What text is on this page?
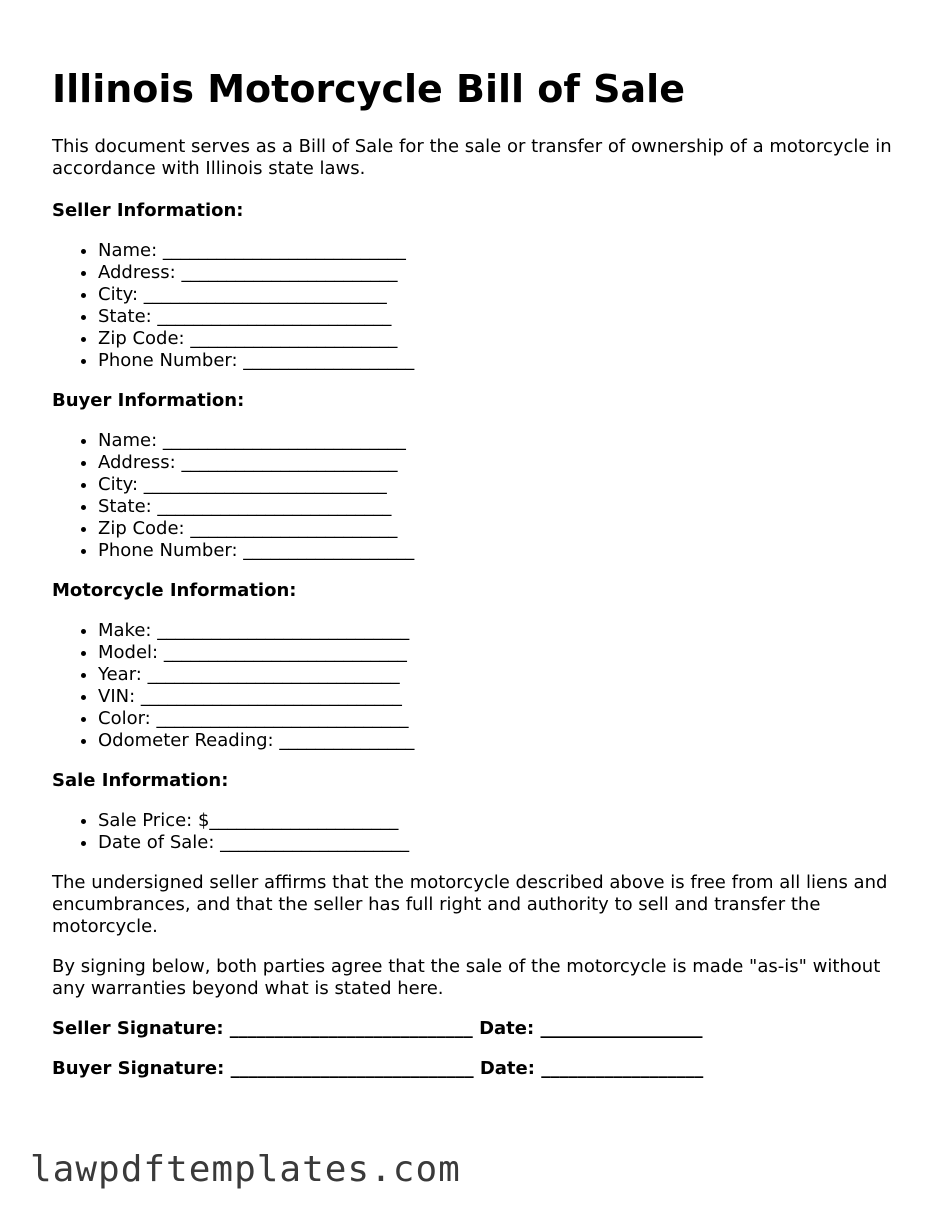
Illinois Motorcycle Bill of Sale

This document serves as a Bill of Sale for the sale or transfer of ownership of a motorcycle in accordance with Illinois state laws.

Seller Information:
• Name: ___________________________
• Address: ________________________
• City: ___________________________
• State: __________________________
• Zip Code: _______________________
• Phone Number: ___________________
Buyer Information:
• Name: ___________________________
• Address: ________________________
• City: ___________________________
• State: __________________________
• Zip Code: _______________________
• Phone Number: ___________________
Motorcycle Information:
• Make: ____________________________
• Model: ___________________________
• Year: ____________________________
• VIN: _____________________________
• Color: ____________________________
• Odometer Reading: _______________
Sale Information:
• Sale Price: $_____________________
• Date of Sale: _____________________

The undersigned seller affirms that the motorcycle described above is free from all liens and encumbrances, and that the seller has full right and authority to sell and transfer the motorcycle.

By signing below, both parties agree that the sale of the motorcycle is made "as-is" without any warranties beyond what is stated here.

Seller Signature: ___________________________ Date: __________________
Buyer Signature: ___________________________ Date: __________________
lawpdftemplates.com
